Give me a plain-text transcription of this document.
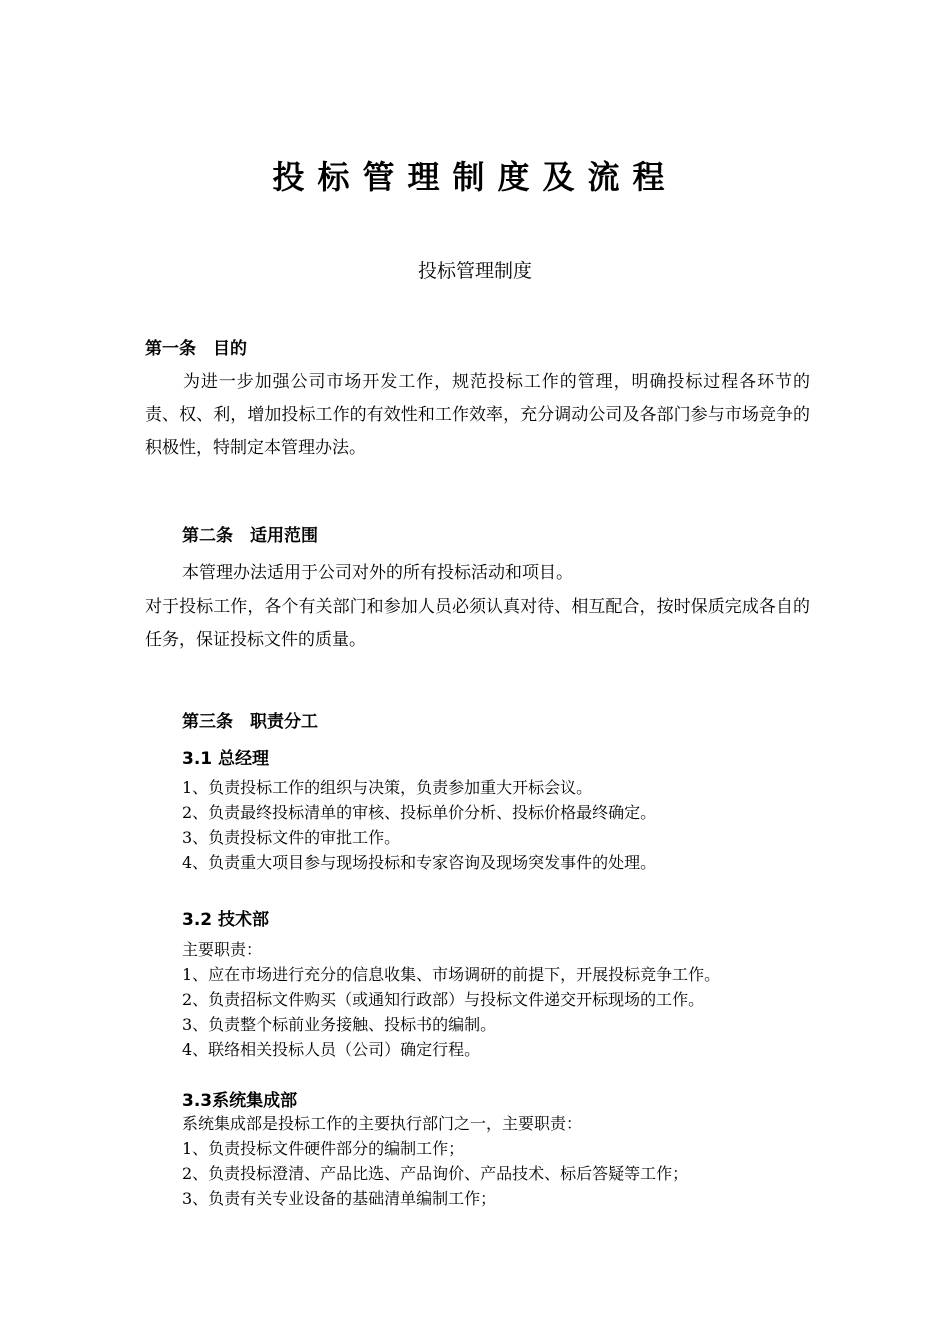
投标管理制度及流程
投标管理制度
第一条　目的
为进一步加强公司市场开发工作，规范投标工作的管理，明确投标过程各环节的责、权、利，增加投标工作的有效性和工作效率，充分调动公司及各部门参与市场竞争的积极性，特制定本管理办法。
第二条　适用范围
本管理办法适用于公司对外的所有投标活动和项目。
对于投标工作，各个有关部门和参加人员必须认真对待、相互配合，按时保质完成各自的任务，保证投标文件的质量。
第三条　职责分工
3.1 总经理
1、负责投标工作的组织与决策，负责参加重大开标会议。
2、负责最终投标清单的审核、投标单价分析、投标价格最终确定。
3、负责投标文件的审批工作。
4、负责重大项目参与现场投标和专家咨询及现场突发事件的处理。
3.2 技术部
主要职责：
1、应在市场进行充分的信息收集、市场调研的前提下，开展投标竞争工作。
2、负责招标文件购买（或通知行政部）与投标文件递交开标现场的工作。
3、负责整个标前业务接触、投标书的编制。
4、联络相关投标人员（公司）确定行程。
3.3系统集成部
系统集成部是投标工作的主要执行部门之一，主要职责：
1、负责投标文件硬件部分的编制工作；
2、负责投标澄清、产品比选、产品询价、产品技术、标后答疑等工作；
3、负责有关专业设备的基础清单编制工作；
